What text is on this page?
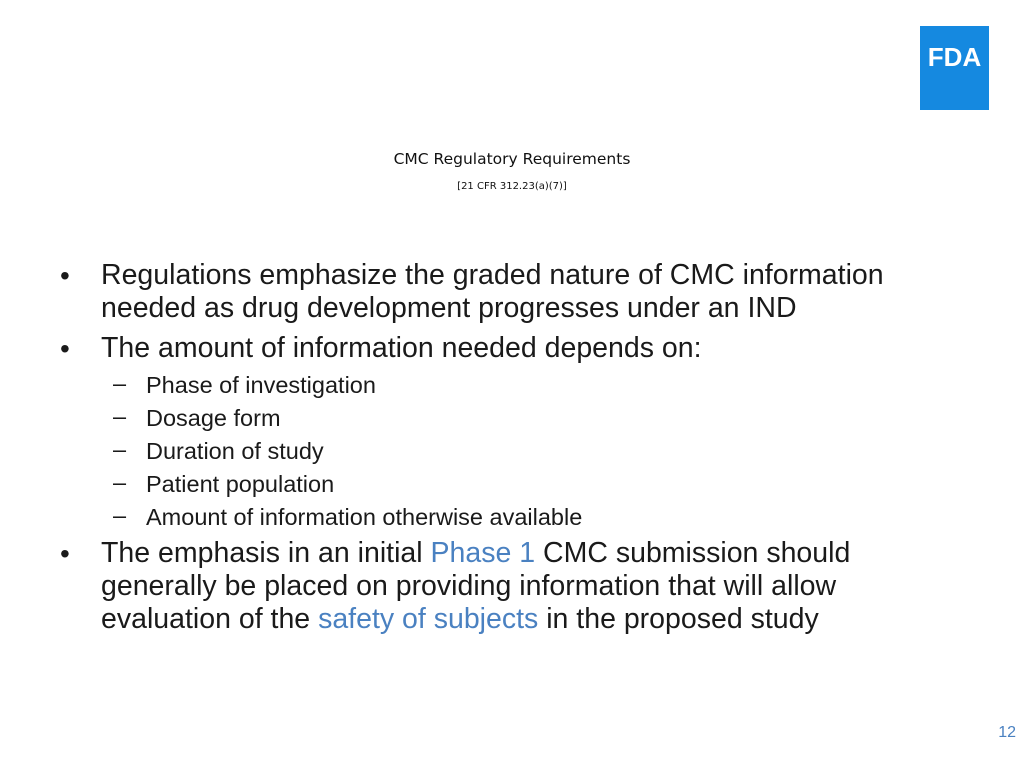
FDA
CMC Regulatory Requirements
[21 CFR 312.23(a)(7)]
• Regulations emphasize the graded nature of CMC information needed as drug development progresses under an IND
• The amount of information needed depends on:
– Phase of investigation
– Dosage form
– Duration of study
– Patient population
– Amount of information otherwise available
• The emphasis in an initial Phase 1 CMC submission should generally be placed on providing information that will allow evaluation of the safety of subjects in the proposed study
12
